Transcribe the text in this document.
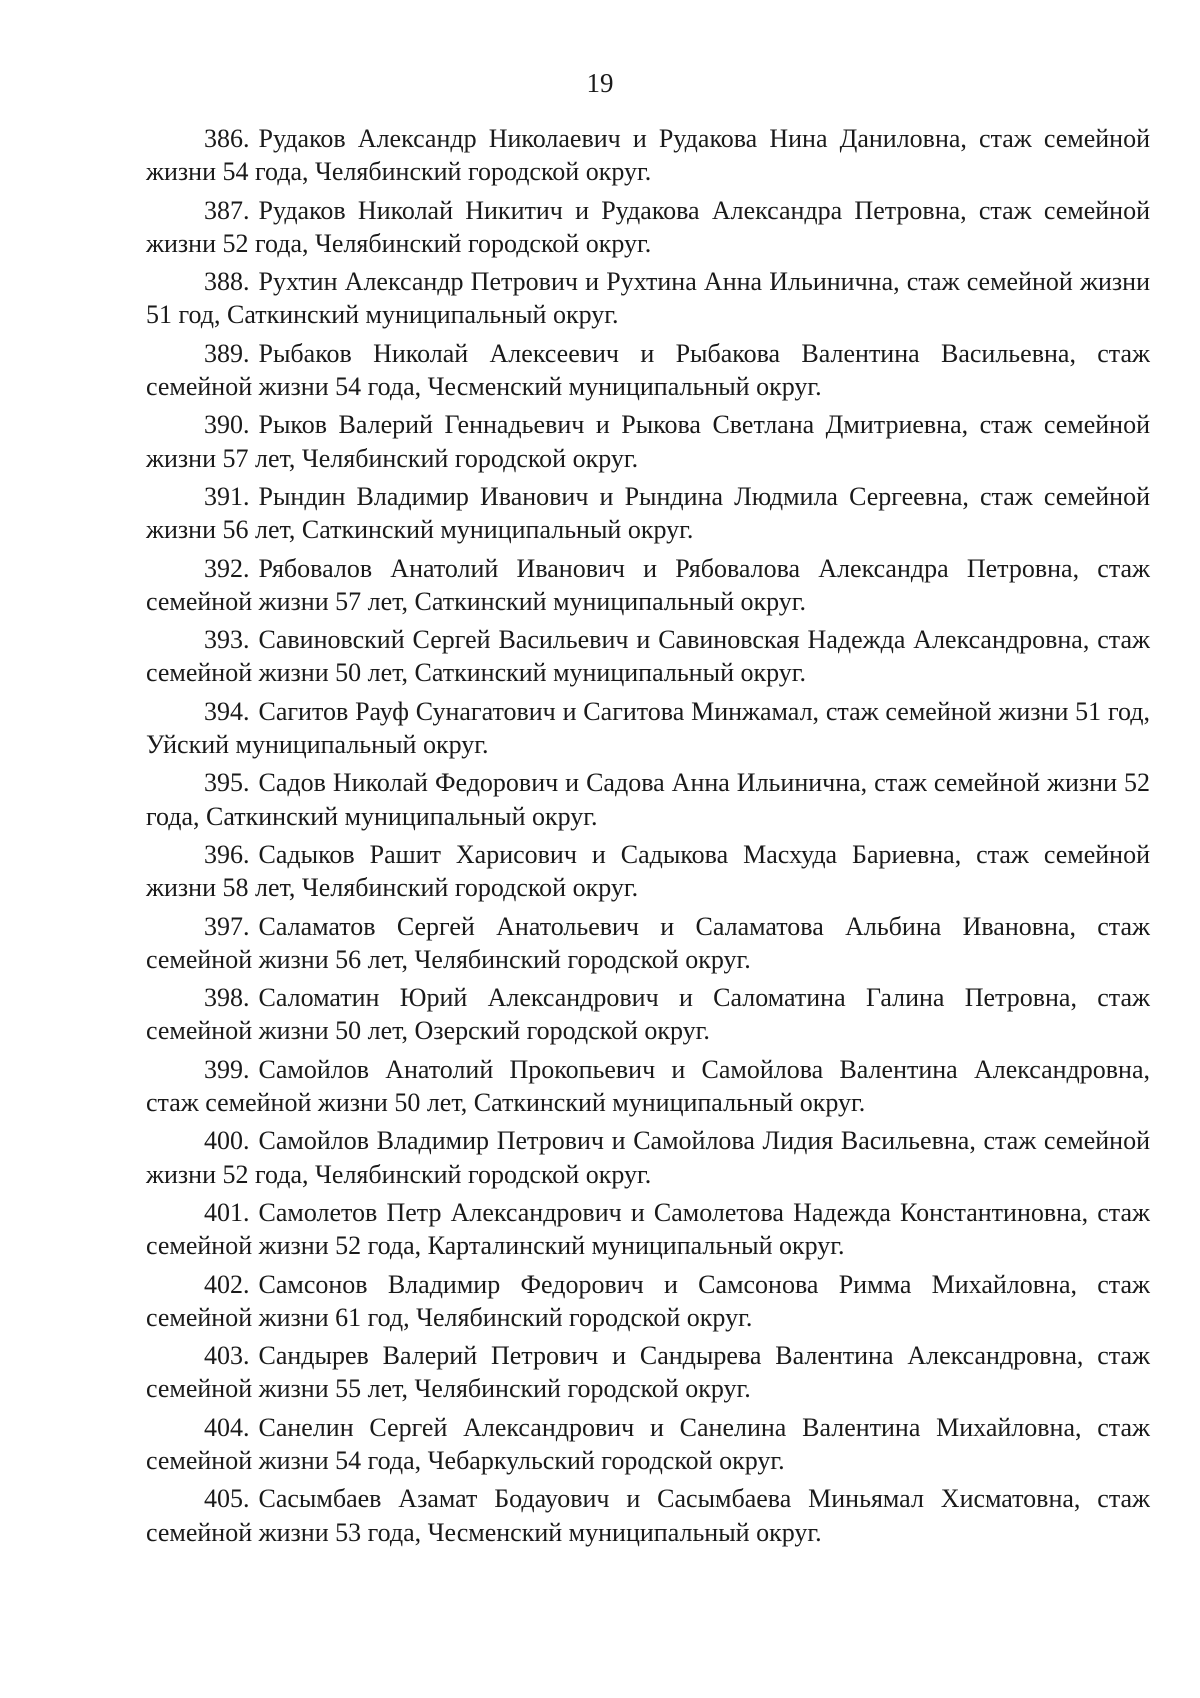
19

386. Рудаков Александр Николаевич и Рудакова Нина Даниловна, стаж семейной жизни 54 года, Челябинский городской округ.

387. Рудаков Николай Никитич и Рудакова Александра Петровна, стаж семейной жизни 52 года, Челябинский городской округ.

388. Рухтин Александр Петрович и Рухтина Анна Ильинична, стаж семейной жизни 51 год, Саткинский муниципальный округ.

389. Рыбаков Николай Алексеевич и Рыбакова Валентина Васильевна, стаж семейной жизни 54 года, Чесменский муниципальный округ.

390. Рыков Валерий Геннадьевич и Рыкова Светлана Дмитриевна, стаж семейной жизни 57 лет, Челябинский городской округ.

391. Рындин Владимир Иванович и Рындина Людмила Сергеевна, стаж семейной жизни 56 лет, Саткинский муниципальный округ.

392. Рябовалов Анатолий Иванович и Рябовалова Александра Петровна, стаж семейной жизни 57 лет, Саткинский муниципальный округ.

393. Савиновский Сергей Васильевич и Савиновская Надежда Александровна, стаж семейной жизни 50 лет, Саткинский муниципальный округ.

394. Сагитов Рауф Сунагатович и Сагитова Минжамал, стаж семейной жизни 51 год, Уйский муниципальный округ.

395. Садов Николай Федорович и Садова Анна Ильинична, стаж семейной жизни 52 года, Саткинский муниципальный округ.

396. Садыков Рашит Харисович и Садыкова Масхуда Бариевна, стаж семейной жизни 58 лет, Челябинский городской округ.

397. Саламатов Сергей Анатольевич и Саламатова Альбина Ивановна, стаж семейной жизни 56 лет, Челябинский городской округ.

398. Саломатин Юрий Александрович и Саломатина Галина Петровна, стаж семейной жизни 50 лет, Озерский городской округ.

399. Самойлов Анатолий Прокопьевич и Самойлова Валентина Александровна, стаж семейной жизни 50 лет, Саткинский муниципальный округ.

400. Самойлов Владимир Петрович и Самойлова Лидия Васильевна, стаж семейной жизни 52 года, Челябинский городской округ.

401. Самолетов Петр Александрович и Самолетова Надежда Константиновна, стаж семейной жизни 52 года, Карталинский муниципальный округ.

402. Самсонов Владимир Федорович и Самсонова Римма Михайловна, стаж семейной жизни 61 год, Челябинский городской округ.

403. Сандырев Валерий Петрович и Сандырева Валентина Александровна, стаж семейной жизни 55 лет, Челябинский городской округ.

404. Санелин Сергей Александрович и Санелина Валентина Михайловна, стаж семейной жизни 54 года, Чебаркульский городской округ.

405. Сасымбаев Азамат Бодауович и Сасымбаева Миньямал Хисматовна, стаж семейной жизни 53 года, Чесменский муниципальный округ.
